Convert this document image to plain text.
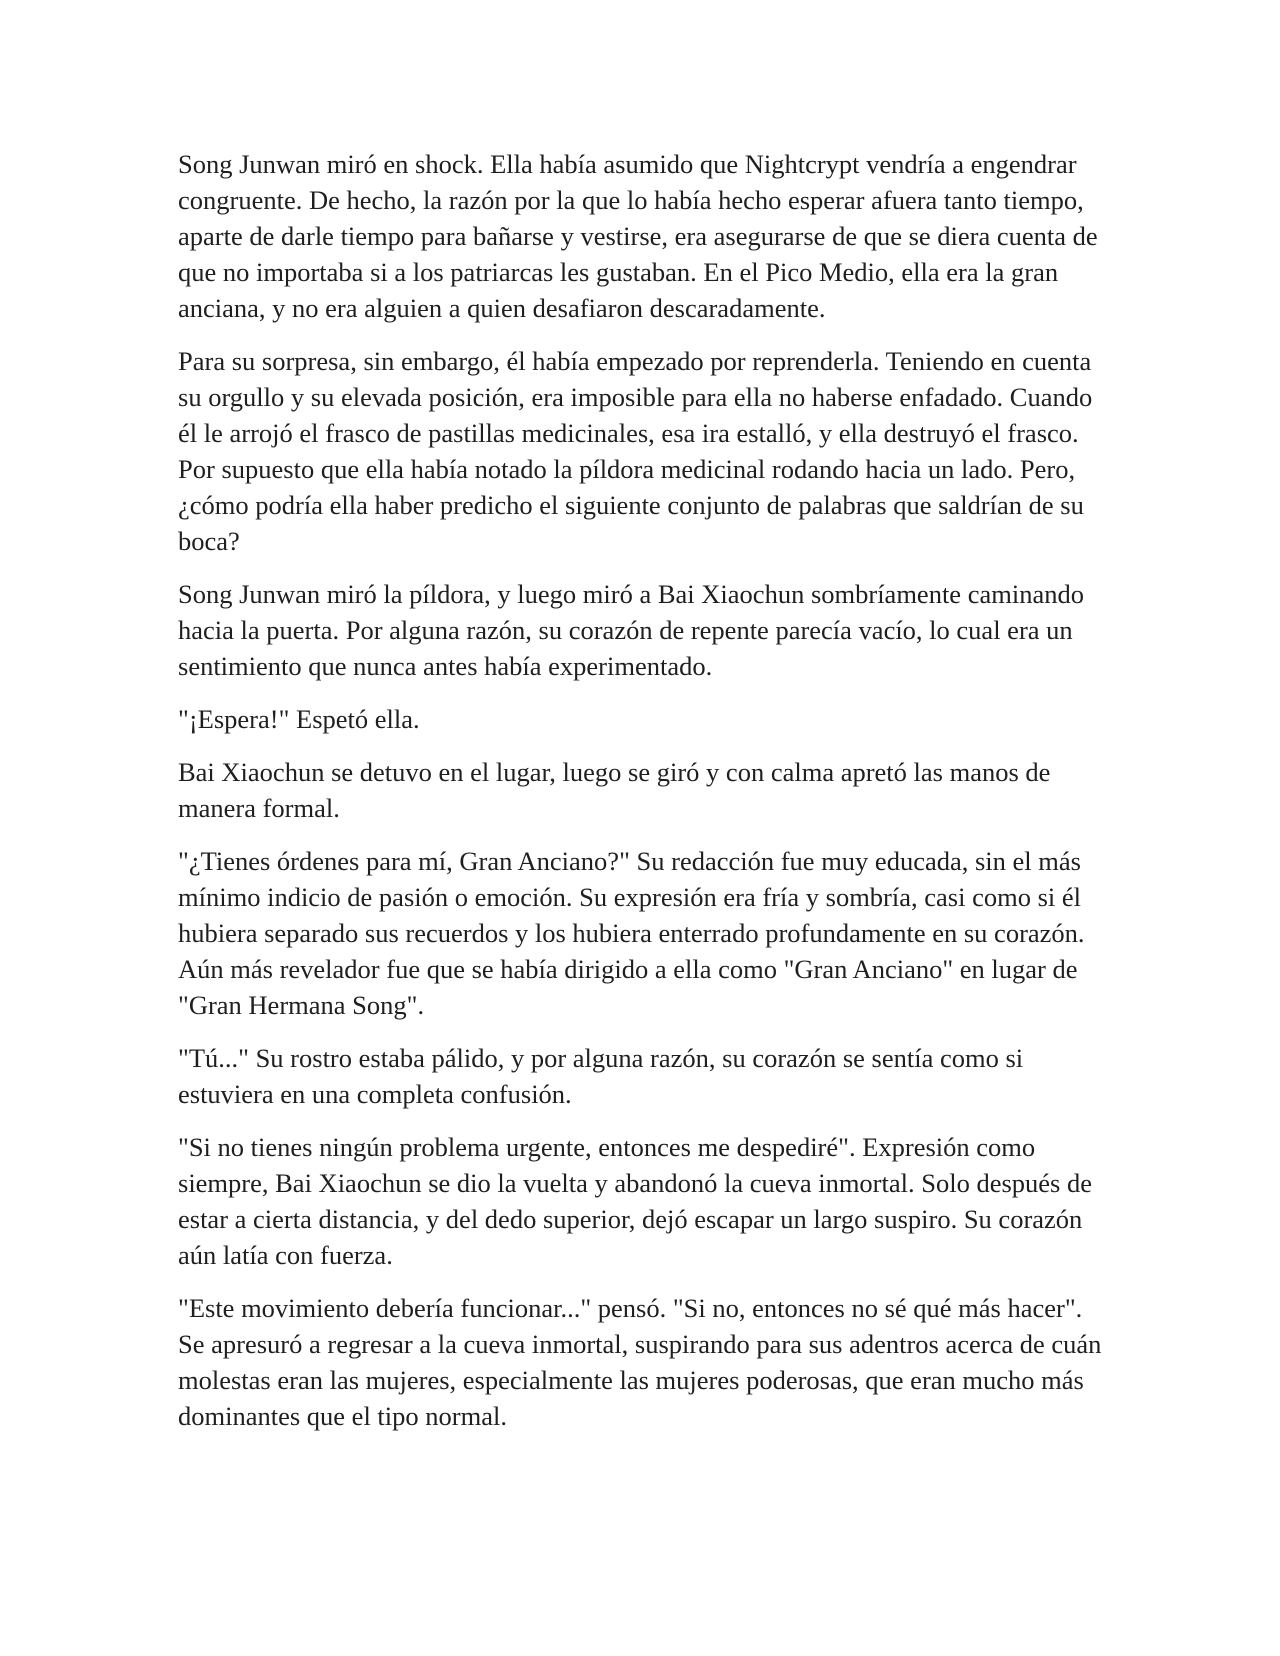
Song Junwan miró en shock. Ella había asumido que Nightcrypt vendría a engendrar congruente. De hecho, la razón por la que lo había hecho esperar afuera tanto tiempo, aparte de darle tiempo para bañarse y vestirse, era asegurarse de que se diera cuenta de que no importaba si a los patriarcas les gustaban. En el Pico Medio, ella era la gran anciana, y no era alguien a quien desafiaron descaradamente.

Para su sorpresa, sin embargo, él había empezado por reprenderla. Teniendo en cuenta su orgullo y su elevada posición, era imposible para ella no haberse enfadado. Cuando él le arrojó el frasco de pastillas medicinales, esa ira estalló, y ella destruyó el frasco. Por supuesto que ella había notado la píldora medicinal rodando hacia un lado. Pero, ¿cómo podría ella haber predicho el siguiente conjunto de palabras que saldrían de su boca?

Song Junwan miró la píldora, y luego miró a Bai Xiaochun sombríamente caminando hacia la puerta. Por alguna razón, su corazón de repente parecía vacío, lo cual era un sentimiento que nunca antes había experimentado.

"¡Espera!" Espetó ella.

Bai Xiaochun se detuvo en el lugar, luego se giró y con calma apretó las manos de manera formal.

"¿Tienes órdenes para mí, Gran Anciano?" Su redacción fue muy educada, sin el más mínimo indicio de pasión o emoción. Su expresión era fría y sombría, casi como si él hubiera separado sus recuerdos y los hubiera enterrado profundamente en su corazón. Aún más revelador fue que se había dirigido a ella como "Gran Anciano" en lugar de "Gran Hermana Song".

"Tú..." Su rostro estaba pálido, y por alguna razón, su corazón se sentía como si estuviera en una completa confusión.

"Si no tienes ningún problema urgente, entonces me despediré". Expresión como siempre, Bai Xiaochun se dio la vuelta y abandonó la cueva inmortal. Solo después de estar a cierta distancia, y del dedo superior, dejó escapar un largo suspiro. Su corazón aún latía con fuerza.

"Este movimiento debería funcionar..." pensó. "Si no, entonces no sé qué más hacer". Se apresuró a regresar a la cueva inmortal, suspirando para sus adentros acerca de cuán molestas eran las mujeres, especialmente las mujeres poderosas, que eran mucho más dominantes que el tipo normal.
